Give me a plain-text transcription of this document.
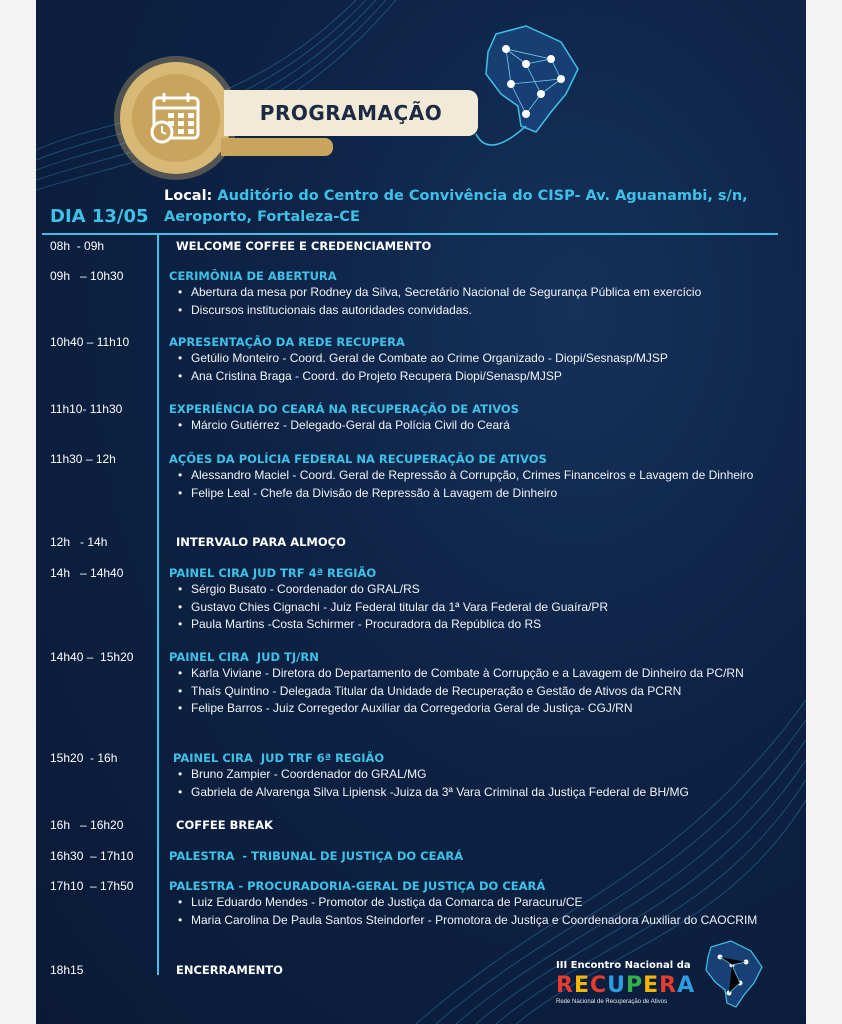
PROGRAMAÇÃO
DIA 13/05
Local: Auditório do Centro de Convivência do CISP- Av. Aguanambi, s/n,
Aeroporto, Fortaleza-CE
08h  - 09h	WELCOME COFFEE E CREDENCIAMENTO
09h   – 10h30	CERIMÔNIA DE ABERTURA
• Abertura da mesa por Rodney da Silva, Secretário Nacional de Segurança Pública em exercício
• Discursos institucionais das autoridades convidadas.
10h40 – 11h10	APRESENTAÇÃO DA REDE RECUPERA
• Getúlio Monteiro - Coord. Geral de Combate ao Crime Organizado - Diopi/Sesnasp/MJSP
• Ana Cristina Braga - Coord. do Projeto Recupera Diopi/Senasp/MJSP
11h10- 11h30	EXPERIÊNCIA DO CEARÁ NA RECUPERAÇÃO DE ATIVOS
• Márcio Gutiérrez - Delegado-Geral da Polícia Civil do Ceará
11h30 – 12h	AÇÕES DA POLÍCIA FEDERAL NA RECUPERAÇÃO DE ATIVOS
• Alessandro Maciel - Coord. Geral de Repressão à Corrupção, Crimes Financeiros e Lavagem de Dinheiro
• Felipe Leal - Chefe da Divisão de Repressão à Lavagem de Dinheiro
12h   - 14h	INTERVALO PARA ALMOÇO
14h   – 14h40	PAINEL CIRA JUD TRF 4ª REGIÃO
• Sérgio Busato - Coordenador do GRAL/RS
• Gustavo Chies Cignachi - Juiz Federal titular da 1ª Vara Federal de Guaíra/PR
• Paula Martins -Costa Schirmer - Procuradora da República do RS
14h40 –  15h20	PAINEL CIRA  JUD TJ/RN
• Karla Viviane - Diretora do Departamento de Combate à Corrupção e a Lavagem de Dinheiro da PC/RN
• Thaís Quintino - Delegada Titular da Unidade de Recuperação e Gestão de Ativos da PCRN
• Felipe Barros - Juiz Corregedor Auxiliar da Corregedoria Geral de Justiça- CGJ/RN
15h20  - 16h	PAINEL CIRA  JUD TRF 6ª REGIÃO
• Bruno Zampier - Coordenador do GRAL/MG
• Gabriela de Alvarenga Silva Lipiensk -Juiza da 3ª Vara Criminal da Justiça Federal de BH/MG
16h   – 16h20	COFFEE BREAK
16h30  – 17h10	PALESTRA  - TRIBUNAL DE JUSTIÇA DO CEARÁ
17h10  – 17h50	PALESTRA - PROCURADORIA-GERAL DE JUSTIÇA DO CEARÁ
• Luiz Eduardo Mendes - Promotor de Justiça da Comarca de Paracuru/CE
• Maria Carolina De Paula Santos Steindorfer - Promotora de Justiça e Coordenadora Auxiliar do CAOCRIM
18h15	ENCERRAMENTO	III Encontro Nacional da
RECUPERA
Rede Nacional de Recuperação de Ativos
